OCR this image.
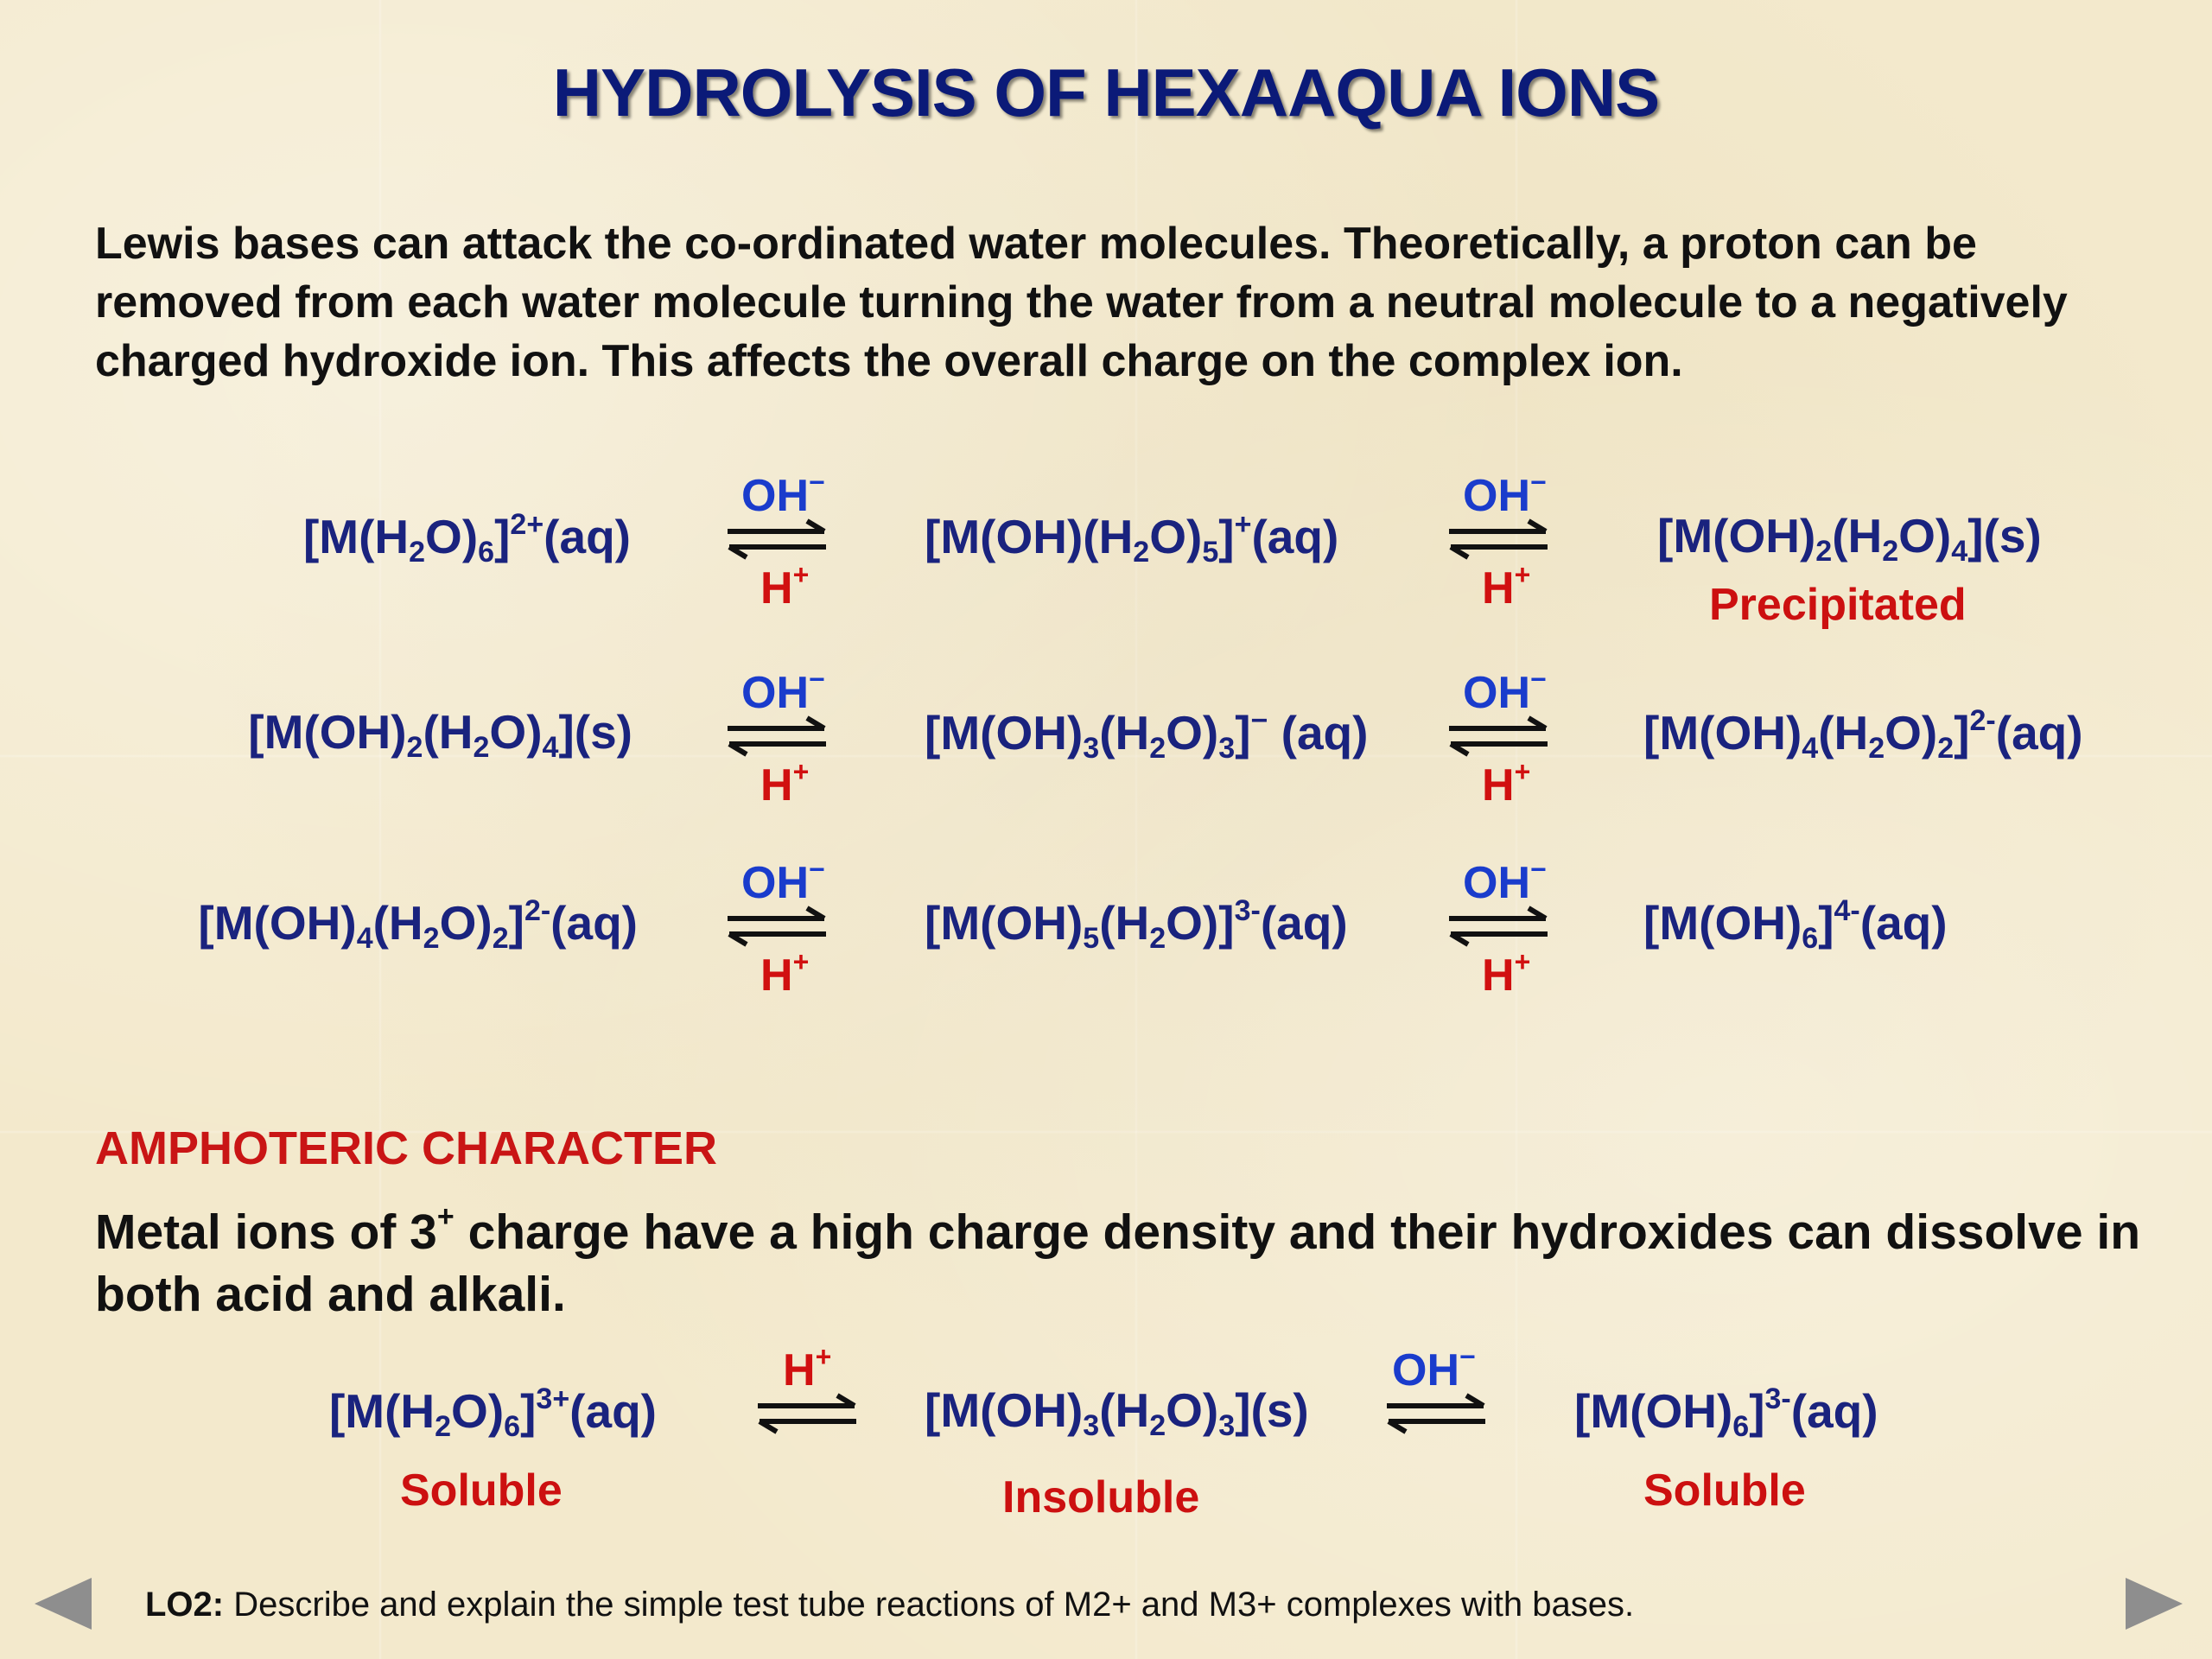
HYDROLYSIS OF HEXAAQUA IONS
Lewis bases can attack the co-ordinated water molecules. Theoretically, a proton can be removed from each water molecule turning the water from a neutral molecule to a negatively charged hydroxide ion. This affects the overall charge on the complex ion.
$[M(H_2O)_6]^{2+}(aq)$
OH−
H+
$[M(OH)(H_2O)_5]^+(aq)$
OH−
H+
$[M(OH)_2(H_2O)_4](s)$
Precipitated
$[M(OH)_2(H_2O)_4](s)$
OH−
H+
$[M(OH)_3(H_2O)_3]^-$ (aq)
OH−
H+
$[M(OH)_4(H_2O)_2]^{2-}(aq)$
$[M(OH)_4(H_2O)_2]^{2-}(aq)$
OH−
H+
$[M(OH)_5(H_2O)]^{3-}(aq)$
OH−
H+
$[M(OH)_6]^{4-}(aq)$
AMPHOTERIC CHARACTER
Metal ions of 3+ charge have a high charge density and their hydroxides can dissolve in both acid and alkali.
$[M(H_2O)_6]^{3+}(aq)$
Soluble
H+
$[M(OH)_3(H_2O)_3](s)$
Insoluble
OH−
$[M(OH)_6]^{3-}(aq)$
Soluble
LO2: Describe and explain the simple test tube reactions of M2+ and M3+ complexes with bases.
